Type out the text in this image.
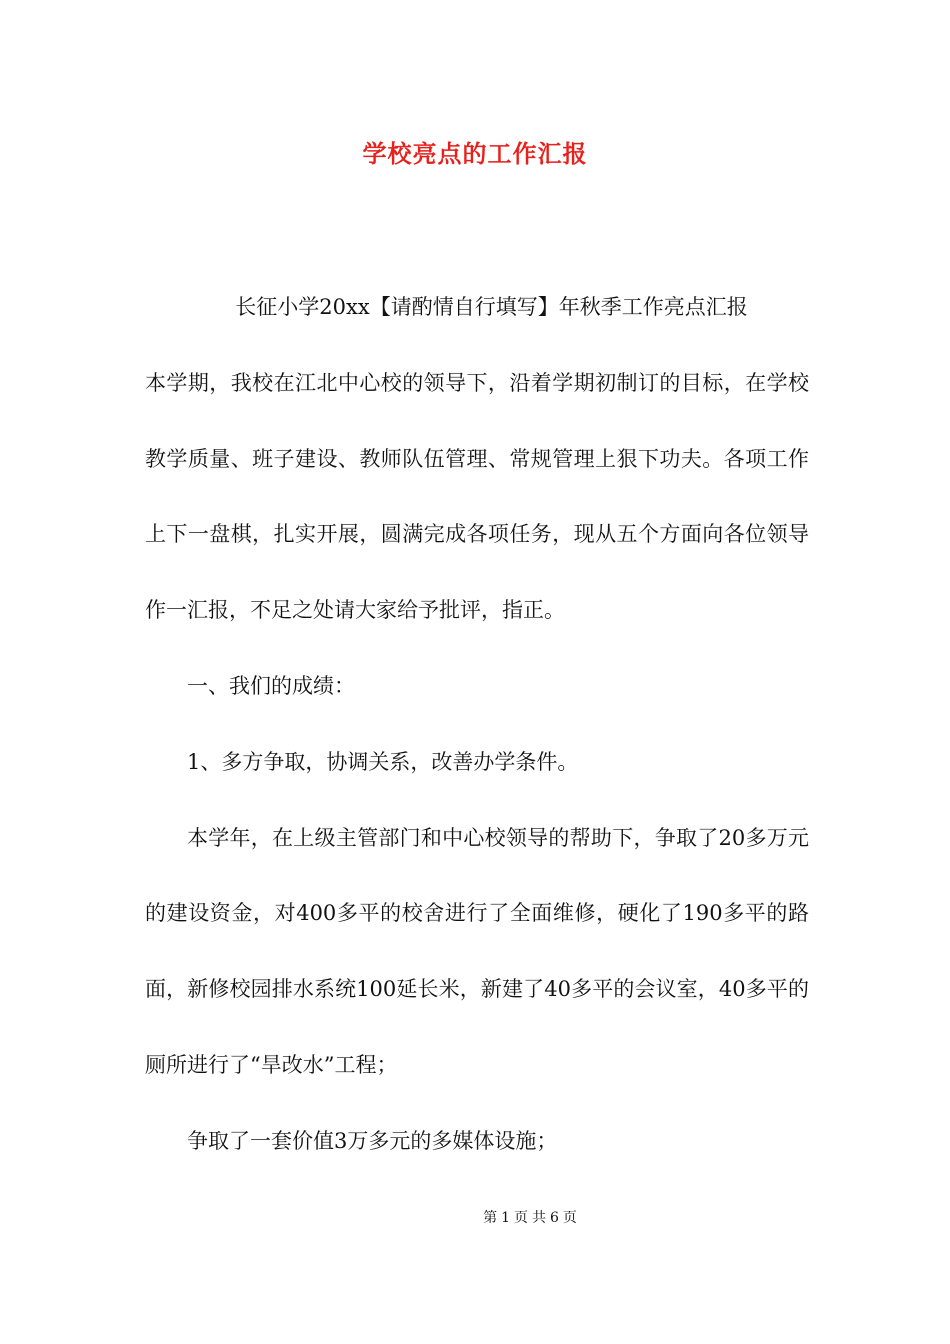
学校亮点的工作汇报

长征小学20xx【请酌情自行填写】年秋季工作亮点汇报

本学期，我校在江北中心校的领导下，沿着学期初制订的目标，在学校教学质量、班子建设、教师队伍管理、常规管理上狠下功夫。各项工作上下一盘棋，扎实开展，圆满完成各项任务，现从五个方面向各位领导作一汇报，不足之处请大家给予批评，指正。

一、我们的成绩：

1、多方争取，协调关系，改善办学条件。

本学年，在上级主管部门和中心校领导的帮助下，争取了20多万元的建设资金，对400多平的校舍进行了全面维修，硬化了190多平的路面，新修校园排水系统100延长米，新建了40多平的会议室，40多平的厕所进行了“旱改水”工程；

争取了一套价值3万多元的多媒体设施；

第 1 页 共 6 页
